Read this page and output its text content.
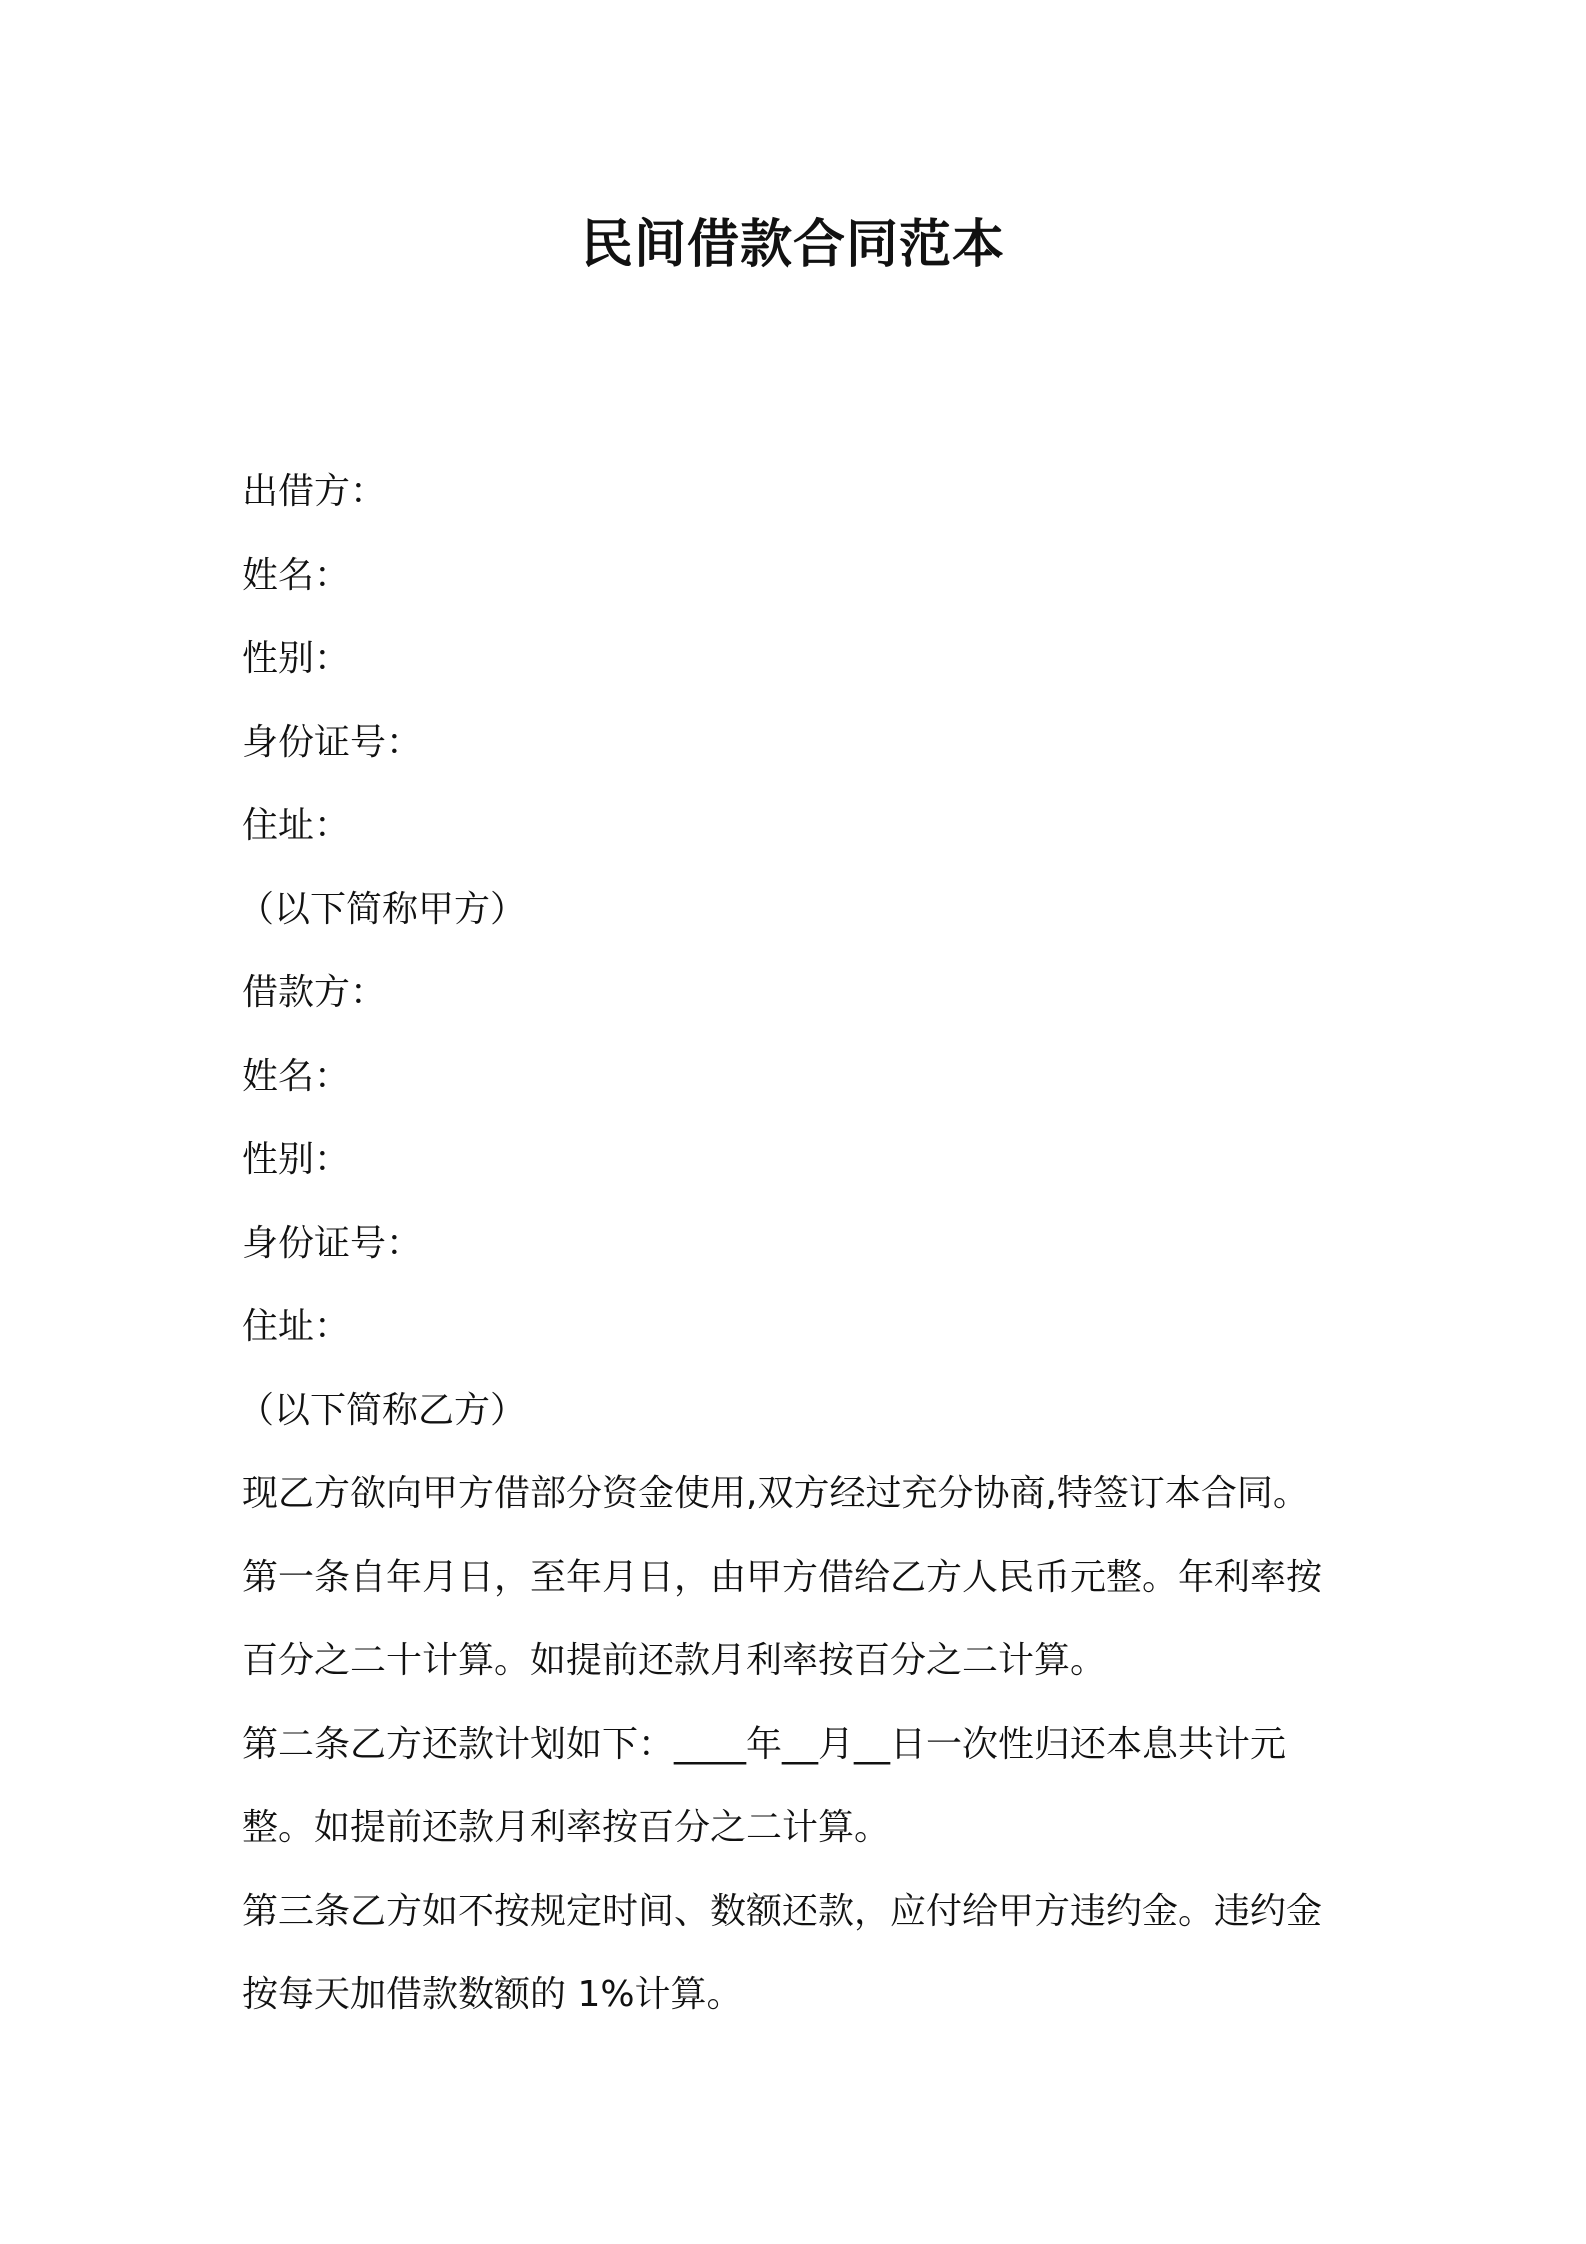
民间借款合同范本

出借方：

姓名：

性别：

身份证号：

住址：

（以下简称甲方）

借款方：

姓名：

性别：

身份证号：

住址：

（以下简称乙方）

现乙方欲向甲方借部分资金使用,双方经过充分协商,特签订本合同。

第一条自年月日，至年月日，由甲方借给乙方人民币元整。年利率按

百分之二十计算。如提前还款月利率按百分之二计算。

第二条乙方还款计划如下：____年__月__日一次性归还本息共计元

整。如提前还款月利率按百分之二计算。

第三条乙方如不按规定时间、数额还款，应付给甲方违约金。违约金

按每天加借款数额的 1%计算。
